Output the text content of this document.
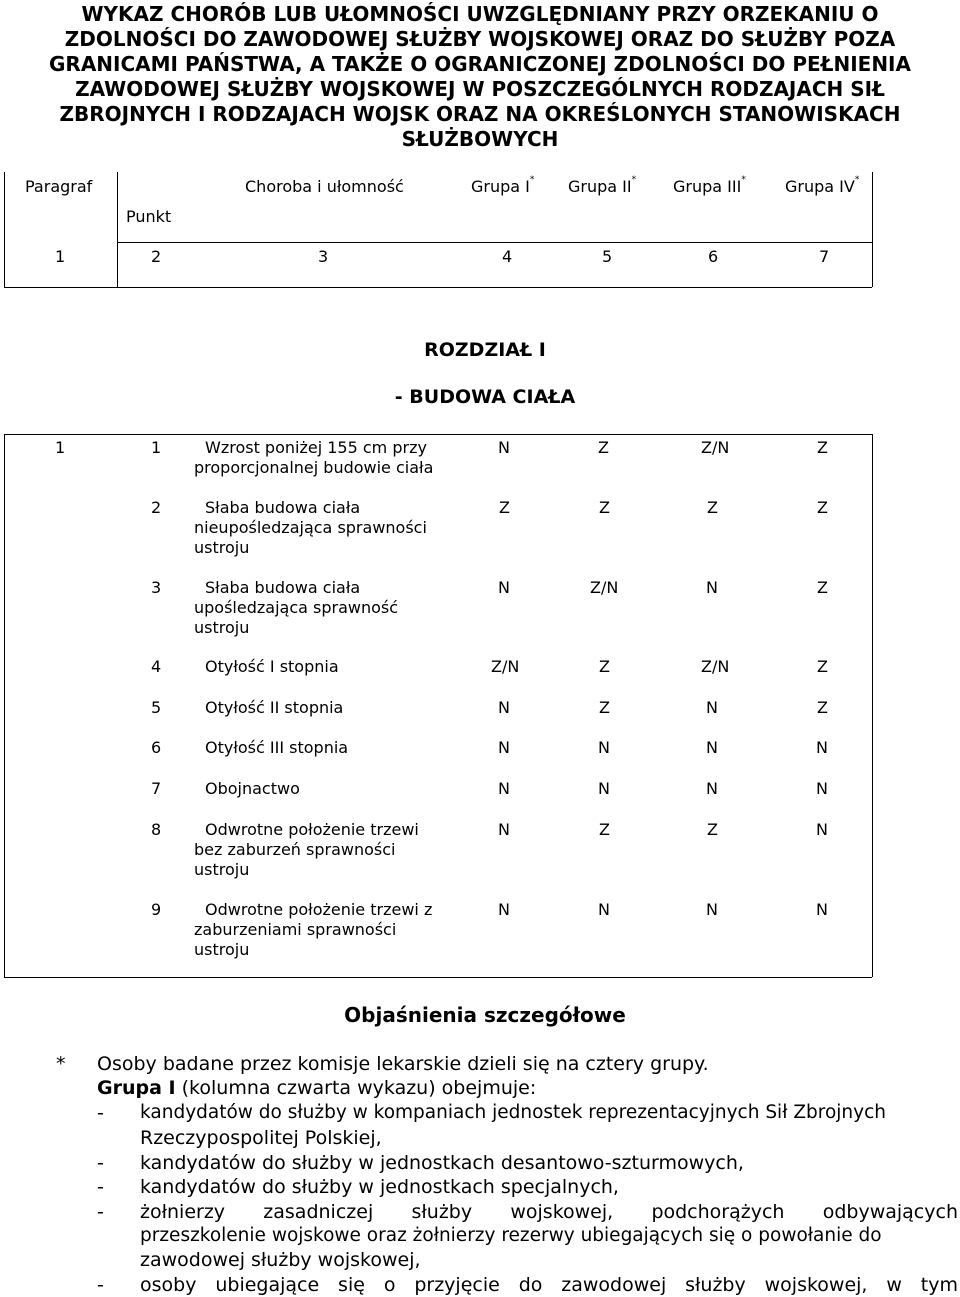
WYKAZ CHORÓB LUB UŁOMNOŚCI UWZGLĘDNIANY PRZY ORZEKANIU O
ZDOLNOŚCI DO ZAWODOWEJ SŁUŻBY WOJSKOWEJ ORAZ DO SŁUŻBY POZA
GRANICAMI PAŃSTWA, A TAKŻE O OGRANICZONEJ ZDOLNOŚCI DO PEŁNIENIA
ZAWODOWEJ SŁUŻBY WOJSKOWEJ W POSZCZEGÓLNYCH RODZAJACH SIŁ
ZBROJNYCH I RODZAJACH WOJSK ORAZ NA OKREŚLONYCH STANOWISKACH
SŁUŻBOWYCH
Paragraf
Punkt
Choroba i ułomność	Grupa I* Grupa II* Grupa III* Grupa IV*
1	2	3	4	5	6	7
ROZDZIAŁ I
- BUDOWA CIAŁA
1	1	Wzrost poniżej 155 cm przy
proporcjonalnej budowie ciała
N	Z	Z/N	Z
2	Słaba budowa ciała
nieupośledzająca sprawności
ustroju
Z	Z	Z	Z
3	Słaba budowa ciała
upośledzająca sprawność
ustroju
N	Z/N	N	Z
4	Otyłość I stopnia	Z/N	Z	Z/N	Z
5	Otyłość II stopnia	N	Z	N	Z
6	Otyłość III stopnia	N	N	N	N
7	Obojnactwo	N	N	N	N
8	Odwrotne położenie trzewi
bez zaburzeń sprawności
ustroju
N	Z	Z	N
9	Odwrotne położenie trzewi z
zaburzeniami sprawności
ustroju
N	N	N	N
Objaśnienia szczegółowe
* Osoby badane przez komisje lekarskie dzieli się na cztery grupy.
Grupa I (kolumna czwarta wykazu) obejmuje:
- kandydatów do służby w kompaniach jednostek reprezentacyjnych Sił Zbrojnych
Rzeczypospolitej Polskiej,
- kandydatów do służby w jednostkach desantowo-szturmowych,
- kandydatów do służby w jednostkach specjalnych,
- żołnierzy zasadniczej służby wojskowej, podchorążych odbywających
przeszkolenie wojskowe oraz żołnierzy rezerwy ubiegających się o powołanie do
zawodowej służby wojskowej,
- osoby ubiegające się o przyjęcie do zawodowej służby wojskowej, w tym
